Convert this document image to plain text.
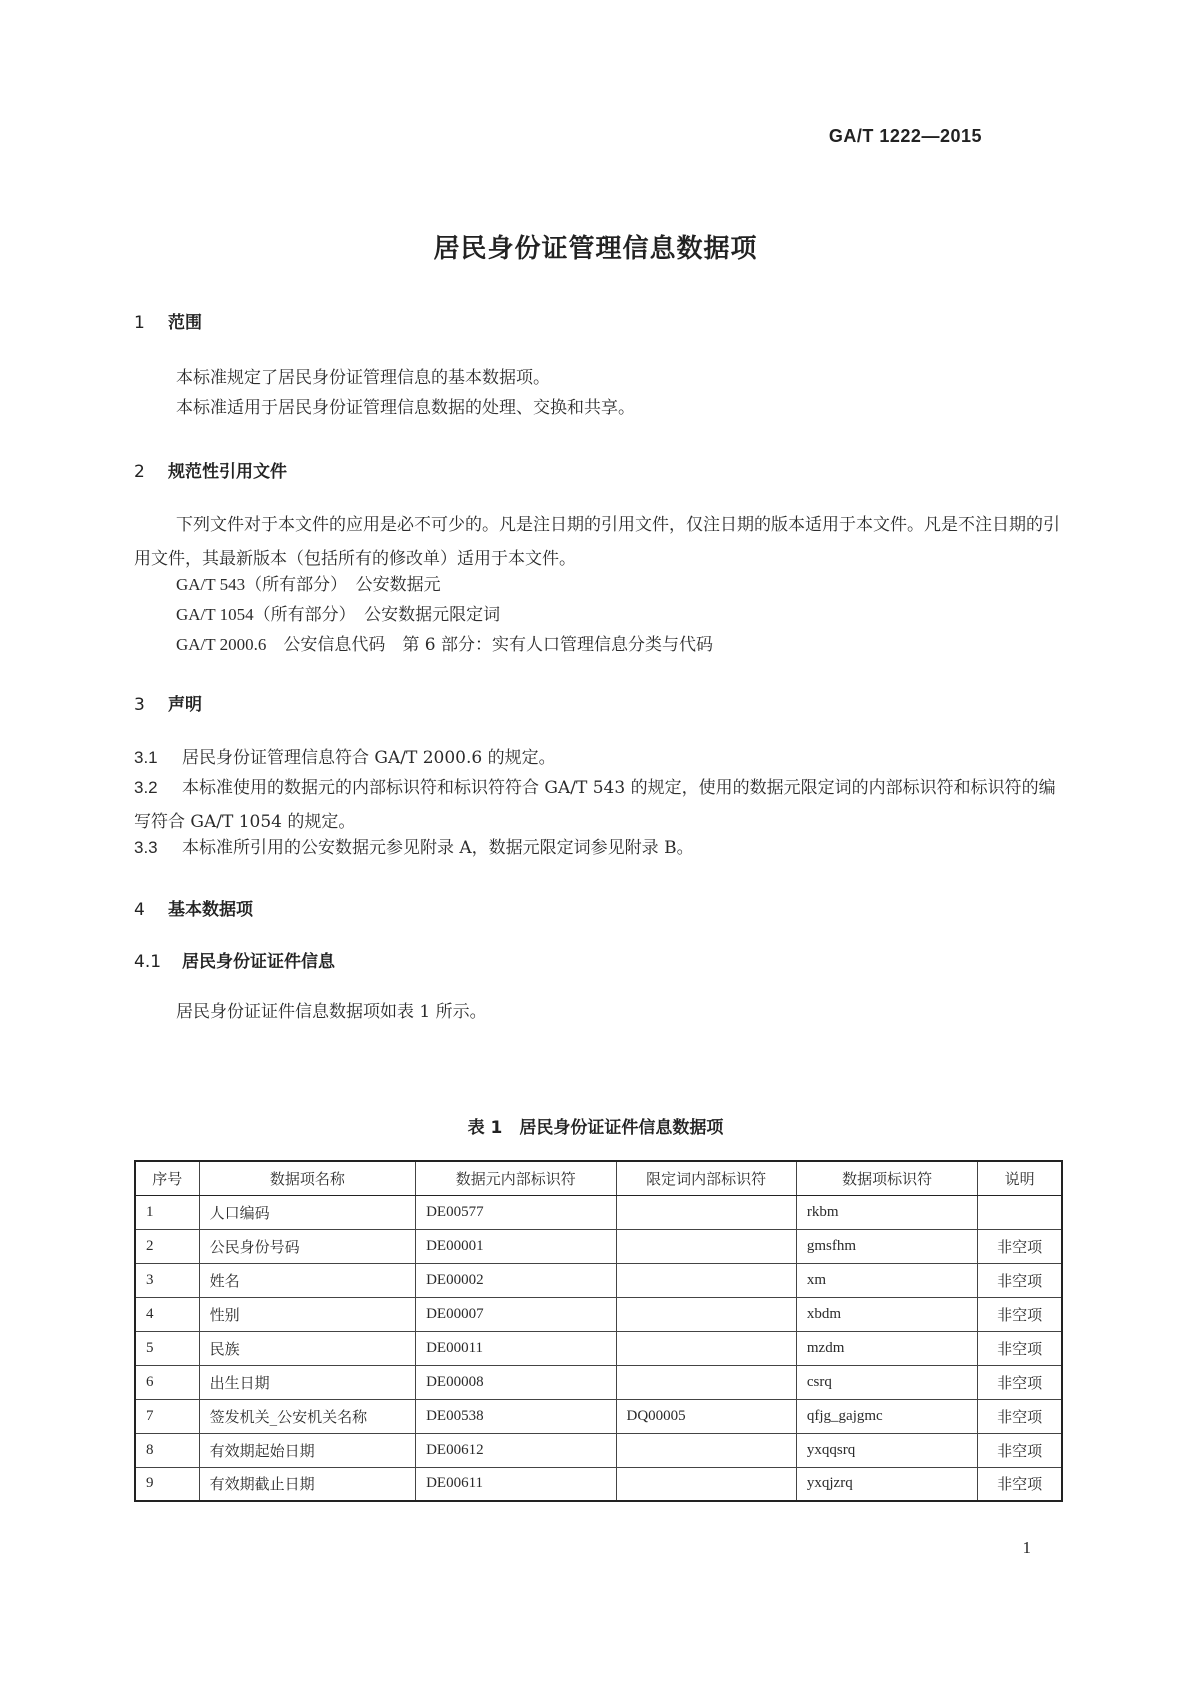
GA/T 1222—2015
居民身份证管理信息数据项
1 范围
本标准规定了居民身份证管理信息的基本数据项。
本标准适用于居民身份证管理信息数据的处理、交换和共享。
2 规范性引用文件
下列文件对于本文件的应用是必不可少的。凡是注日期的引用文件，仅注日期的版本适用于本文件。凡是不注日期的引用文件，其最新版本（包括所有的修改单）适用于本文件。
GA/T 543（所有部分）　 公安数据元
GA/T 1054（所有部分）　 公安数据元限定词
GA/T 2000.6　 公安信息代码　第 6 部分：实有人口管理信息分类与代码
3 声明
3.1 居民身份证管理信息符合 GA/T 2000.6 的规定。
3.2 本标准使用的数据元的内部标识符和标识符符合 GA/T 543 的规定，使用的数据元限定词的内部标识符和标识符的编写符合 GA/T 1054 的规定。
3.3 本标准所引用的公安数据元参见附录 A，数据元限定词参见附录 B。
4 基本数据项
4.1 居民身份证证件信息
居民身份证证件信息数据项如表 1 所示。
表 1　居民身份证证件信息数据项
序号	数据项名称	数据元内部标识符	限定词内部标识符	数据项标识符	说明
1	人口编码	DE00577		rkbm	
2	公民身份号码	DE00001		gmsfhm	非空项
3	姓名	DE00002		xm	非空项
4	性别	DE00007		xbdm	非空项
5	民族	DE00011		mzdm	非空项
6	出生日期	DE00008		csrq	非空项
7	签发机关_公安机关名称	DE00538	DQ00005	qfjg_gajgmc	非空项
8	有效期起始日期	DE00612		yxqqsrq	非空项
9	有效期截止日期	DE00611		yxqjzrq	非空项
1
